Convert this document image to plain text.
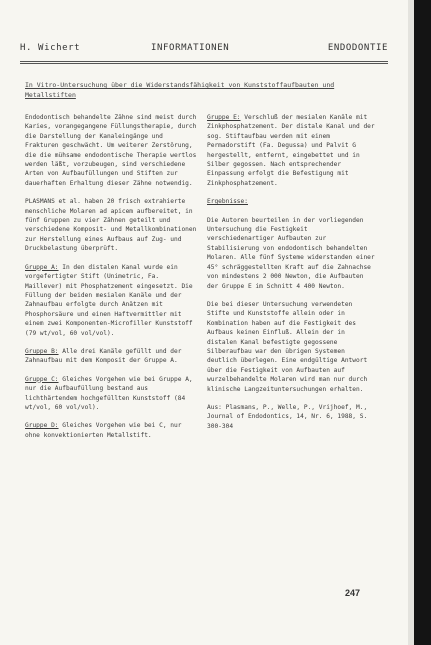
H. Wichert	INFORMATIONEN	ENDODONTIE
In Vitro-Untersuchung über die Widerstandsfähigkeit von Kunststoffaufbauten und Metallstiften

Endodontisch behandelte Zähne sind meist durch Karies, vorangegangene Füllungstherapie, durch die Darstellung der Kanaleingänge und Frakturen geschwächt. Um weiterer Zerstörung, die die mühsame endodontische Therapie wertlos werden läßt, vorzubeugen, sind verschiedene Arten von Aufbaufüllungen und Stiften zur dauerhaften Erhaltung dieser Zähne notwendig.

PLASMANS et al. haben 20 frisch extrahierte menschliche Molaren ad apicem aufbereitet, in fünf Gruppen zu vier Zähnen geteilt und verschiedene Komposit- und Metallkombinationen zur Herstellung eines Aufbaus auf Zug- und Druckbelastung überprüft.

Gruppe A: In den distalen Kanal wurde ein vorgefertigter Stift (Unimetric, Fa. Maillever) mit Phosphatzement eingesetzt. Die Füllung der beiden mesialen Kanäle und der Zahnaufbau erfolgte durch Anätzen mit Phosphorsäure und einen Haftvermittler mit einem zwei Komponenten-Microfiller Kunststoff (79 wt/vol, 60 vol/vol).

Gruppe B: Alle drei Kanäle gefüllt und der Zahnaufbau mit dem Komposit der Gruppe A.

Gruppe C: Gleiches Vorgehen wie bei Gruppe A, nur die Aufbaufüllung bestand aus lichthärtendem hochgefüllten Kunststoff (84 wt/vol, 60 vol/vol).

Gruppe D: Gleiches Vorgehen wie bei C, nur ohne konvektionierten Metallstift.

Gruppe E: Verschluß der mesialen Kanäle mit Zinkphosphatzement. Der distale Kanal und der sog. Stiftaufbau werden mit einem Permadorstift (Fa. Degussa) und Palvit G hergestellt, entfernt, eingebettet und in Silber gegossen. Nach entsprechender Einpassung erfolgt die Befestigung mit Zinkphosphatzement.

Ergebnisse:

Die Autoren beurteilen in der vorliegenden Untersuchung die Festigkeit verschiedenartiger Aufbauten zur Stabilisierung von endodontisch behandelten Molaren. Alle fünf Systeme widerstanden einer 45° schräggestellten Kraft auf die Zahnachse von mindestens 2 000 Newton, die Aufbauten der Gruppe E im Schnitt 4 400 Newton.

Die bei dieser Untersuchung verwendeten Stifte und Kunststoffe allein oder in Kombination haben auf die Festigkeit des Aufbaus keinen Einfluß. Allein der in distalen Kanal befestigte gegossene Silberaufbau war den übrigen Systemen deutlich überlegen. Eine endgültige Antwort über die Festigkeit von Aufbauten auf wurzelbehandelte Molaren wird man nur durch klinische Langzeituntersuchungen erhalten.

Aus: Plasmans, P., Welle, P., Vrijhoef, M., Journal of Endodontics, 14, Nr. 6, 1988, S. 300-304

247
